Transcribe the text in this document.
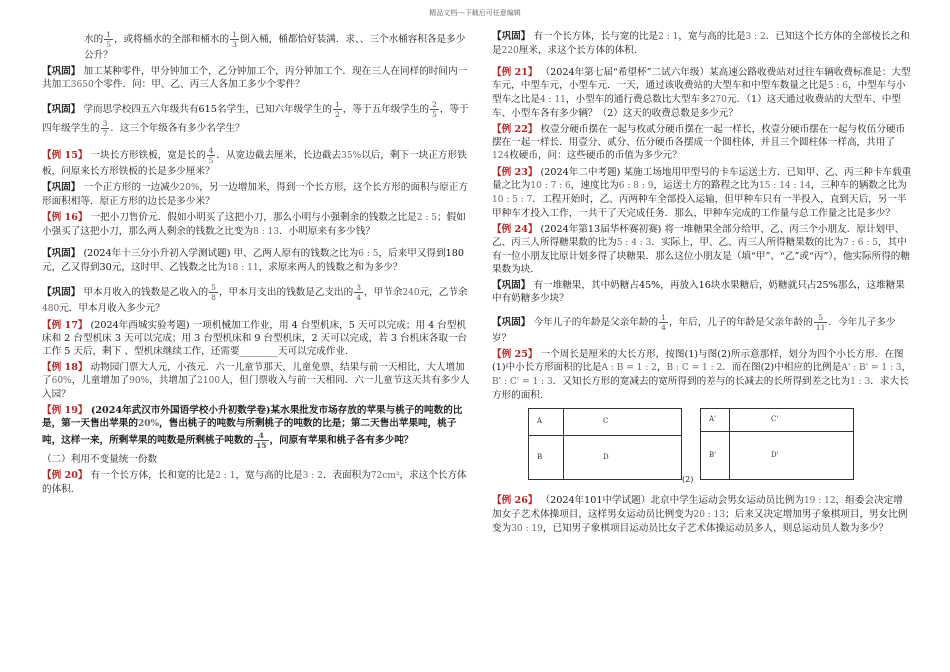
精品文档---下载后可任意编辑
水的 $\frac{1}{5}$ ，或将桶水的全部和桶水的 $\frac{1}{3}$ 倒入桶，桶都恰好装满．求、、三个水桶容积各是多少公升？
【巩固】 加工某种零件，甲分钟加工个，乙分钟加工个，丙分钟加工个．现在三人在同样的时间内一共加工3650个零件．问：甲、乙、丙三人各加工多少个零件？
【巩固】 学而思学校四五六年级共有615名学生，已知六年级学生的 $\frac{1}{2}$ ，等于五年级学生的 $\frac{2}{5}$ ，等于四年级学生的 $\frac{3}{7}$ ．这三个年级各有多少名学生？
【例 15】 一块长方形铁板，宽是长的 $\frac{4}{5}$ ．从宽边截去厘米，长边截去35%以后，剩下一块正方形铁板，问原来长方形铁板的长是多少厘米？
【巩固】 一个正方形的一边减少20%，另一边增加米，得到一个长方形，这个长方形的面积与原正方形面积相等．原正方形的边长是多少米？
【例 16】 一把小刀售价元．假如小明买了这把小刀，那么小明与小强剩余的钱数之比是2 : 5；假如小强买了这把小刀，那么两人剩余的钱数之比变为8 : 13．小明原来有多少钱？
【巩固】 (2024年十三分小升初入学测试题) 甲、乙两人原有的钱数之比为6 : 5，后来甲又得到180元，乙又得到30元，这时甲、乙钱数之比为18 : 11，求原来两人的钱数之和为多少？
【巩固】 甲本月收入的钱数是乙收入的 $\frac{5}{8}$ ，甲本月支出的钱数是乙支出的 $\frac{3}{4}$ ，甲节余240元，乙节余480元．甲本月收入多少元？
【例 17】 (2024年西城实验考题) 一项机械加工作业，用 4 台型机床，5 天可以完成；用 4 台型机床和 2 台型机床 3 天可以完成；用 3 台型机床和 9 台型机床，2 天可以完成，若 3 台机床各取一台工作 5 天后，剩下 、型机床继续工作，还需要________天可以完成作业.
【例 18】 动物园门票大人元，小孩元．六一儿童节那天，儿童免票，结果与前一天相比，大人增加了60%，儿童增加了90%，共增加了2100人，但门票收入与前一天相同．六一儿童节这天共有多少人入园？
【例 19】 (2024年武汉市外国语学校小升初数学卷)某水果批发市场存放的苹果与桃子的吨数的比是，第一天售出苹果的20%，售出桃子的吨数与所剩桃子的吨数的比是；第二天售出苹果吨，桃子吨，这样一来，所剩苹果的吨数是所剩桃子吨数的 $\frac{4}{15}$ ，问原有苹果和桃子各有多少吨？
（二）利用不变量统一份数
【例 20】 有一个长方体，长和宽的比是2 : 1，宽与高的比是3 : 2．表面积为72cm²，求这个长方体的体积.
【巩固】 有一个长方体，长与宽的比是2 : 1，宽与高的比是3 : 2．已知这个长方体的全部棱长之和是220厘米，求这个长方体的体积.
【例 21】 （2024年第七届“希望杯”二试六年级）某高速公路收费站对过往车辆收费标准是：大型车元，中型车元，小型车元．一天，通过该收费站的大型车和中型车数量之比是5 : 6，中型车与小型车之比是4 : 11，小型车的通行费总数比大型车多270元．（1）这天通过收费站的大型车、中型车、小型车各有多少辆？（2）这天的收费总数是多少元？
【例 22】 枚壹分硬币摆在一起与枚贰分硬币摆在一起一样长，枚壹分硬币摆在一起与枚伍分硬币摆在一起一样长．用壹分、贰分、伍分硬币各摆成一个圆柱体，并且三个圆柱体一样高，共用了124枚硬币，问：这些硬币的币值为多少元？
【例 23】 (2024年二中考题) 某施工场地用甲型号的卡车运送土方．已知甲、乙、丙三种卡车载重量之比为10 : 7 : 6，速度比为6 : 8 : 9，运送土方的路程之比为15 : 14 : 14，三种车的辆数之比为10 : 5 : 7．工程开始时，乙、丙两种车全部投入运输，但甲种车只有一半投入，直到天后，另一半甲种车才投入工作，一共干了天完成任务．那么，甲种车完成的工作量与总工作量之比是多少？
【例 24】 (2024年第13届华杯赛初赛) 将一堆糖果全部分给甲、乙、丙三个小朋友．原计划甲、乙、丙三人所得糖果数的比为5 : 4 : 3．实际上，甲、乙、丙三人所得糖果数的比为7 : 6 : 5，其中有一位小朋友比原计划多得了块糖果．那么这位小朋友是（填“甲”、“乙”或“丙”），他实际所得的糖果数为块.
【巩固】 有一堆糖果，其中奶糖占45%，再放入16块水果糖后，奶糖就只占25%那么，这堆糖果中有奶糖多少块？
【巩固】 今年儿子的年龄是父亲年龄的 $\frac{1}{4}$ ，年后，儿子的年龄是父亲年龄的 $\frac{5}{11}$ ．今年儿子多少岁？
【例 25】 一个周长是厘米的大长方形，按图(1)与图(2)所示意那样，划分为四个小长方形．在图(1)中小长方形面积的比是A : B = 1 : 2，B : C = 1 : 2．而在图(2)中相应的比例是A' : B' = 1 : 3，B' : C' = 1 : 3．又知长方形的宽减去的宽所得到的差与的长减去的长所得到差之比为1 : 3．求大长方形的面积.
A	C
B	D
A'	C'
B'	D'
(2)
【例 26】 （2024年101中学试题）北京中学生运动会男女运动员比例为19 : 12，组委会决定增加女子艺术体操项目，这样男女运动员比例变为20 : 13；后来又决定增加男子象棋项目，男女比例变为30 : 19，已知男子象棋项目运动员比女子艺术体操运动员多人，则总运动员人数为多少？
